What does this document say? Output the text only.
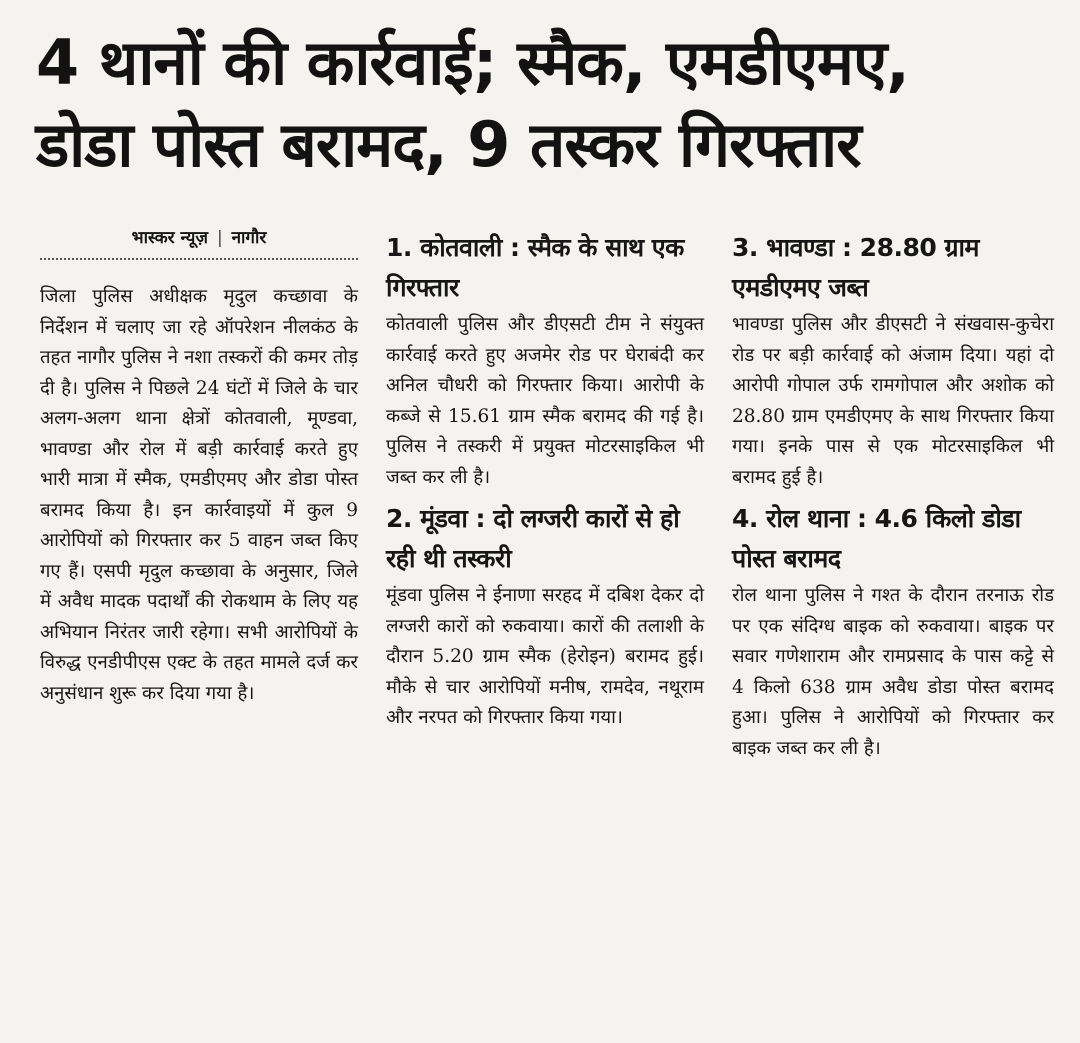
4 थानों की कार्रवाई; स्मैक, एमडीएमए,
डोडा पोस्त बरामद, 9 तस्कर गिरफ्तार
भास्कर न्यूज़ | नागौर

जिला पुलिस अधीक्षक मृदुल कच्छावा के निर्देशन में चलाए जा रहे ऑपरेशन नीलकंठ के तहत नागौर पुलिस ने नशा तस्करों की कमर तोड़ दी है। पुलिस ने पिछले 24 घंटों में जिले के चार अलग-अलग थाना क्षेत्रों कोतवाली, मूण्डवा, भावण्डा और रोल में बड़ी कार्रवाई करते हुए भारी मात्रा में स्मैक, एमडीएमए और डोडा पोस्त बरामद किया है। इन कार्रवाइयों में कुल 9 आरोपियों को गिरफ्तार कर 5 वाहन जब्त किए गए हैं। एसपी मृदुल कच्छावा के अनुसार, जिले में अवैध मादक पदार्थों की रोकथाम के लिए यह अभियान निरंतर जारी रहेगा। सभी आरोपियों के विरुद्ध एनडीपीएस एक्ट के तहत मामले दर्ज कर अनुसंधान शुरू कर दिया गया है।

1. कोतवाली : स्मैक के साथ एक गिरफ्तार

कोतवाली पुलिस और डीएसटी टीम ने संयुक्त कार्रवाई करते हुए अजमेर रोड पर घेराबंदी कर अनिल चौधरी को गिरफ्तार किया। आरोपी के कब्जे से 15.61 ग्राम स्मैक बरामद की गई है। पुलिस ने तस्करी में प्रयुक्त मोटरसाइकिल भी जब्त कर ली है।

2. मूंडवा : दो लग्जरी कारों से हो रही थी तस्करी

मूंडवा पुलिस ने ईनाणा सरहद में दबिश देकर दो लग्जरी कारों को रुकवाया। कारों की तलाशी के दौरान 5.20 ग्राम स्मैक (हेरोइन) बरामद हुई। मौके से चार आरोपियों मनीष, रामदेव, नथूराम और नरपत को गिरफ्तार किया गया।

3. भावण्डा : 28.80 ग्राम एमडीएमए जब्त

भावण्डा पुलिस और डीएसटी ने संखवास-कुचेरा रोड पर बड़ी कार्रवाई को अंजाम दिया। यहां दो आरोपी गोपाल उर्फ रामगोपाल और अशोक को 28.80 ग्राम एमडीएमए के साथ गिरफ्तार किया गया। इनके पास से एक मोटरसाइकिल भी बरामद हुई है।

4. रोल थाना : 4.6 किलो डोडा पोस्त बरामद

रोल थाना पुलिस ने गश्त के दौरान तरनाऊ रोड पर एक संदिग्ध बाइक को रुकवाया। बाइक पर सवार गणेशाराम और रामप्रसाद के पास कट्टे से 4 किलो 638 ग्राम अवैध डोडा पोस्त बरामद हुआ। पुलिस ने आरोपियों को गिरफ्तार कर बाइक जब्त कर ली है।
